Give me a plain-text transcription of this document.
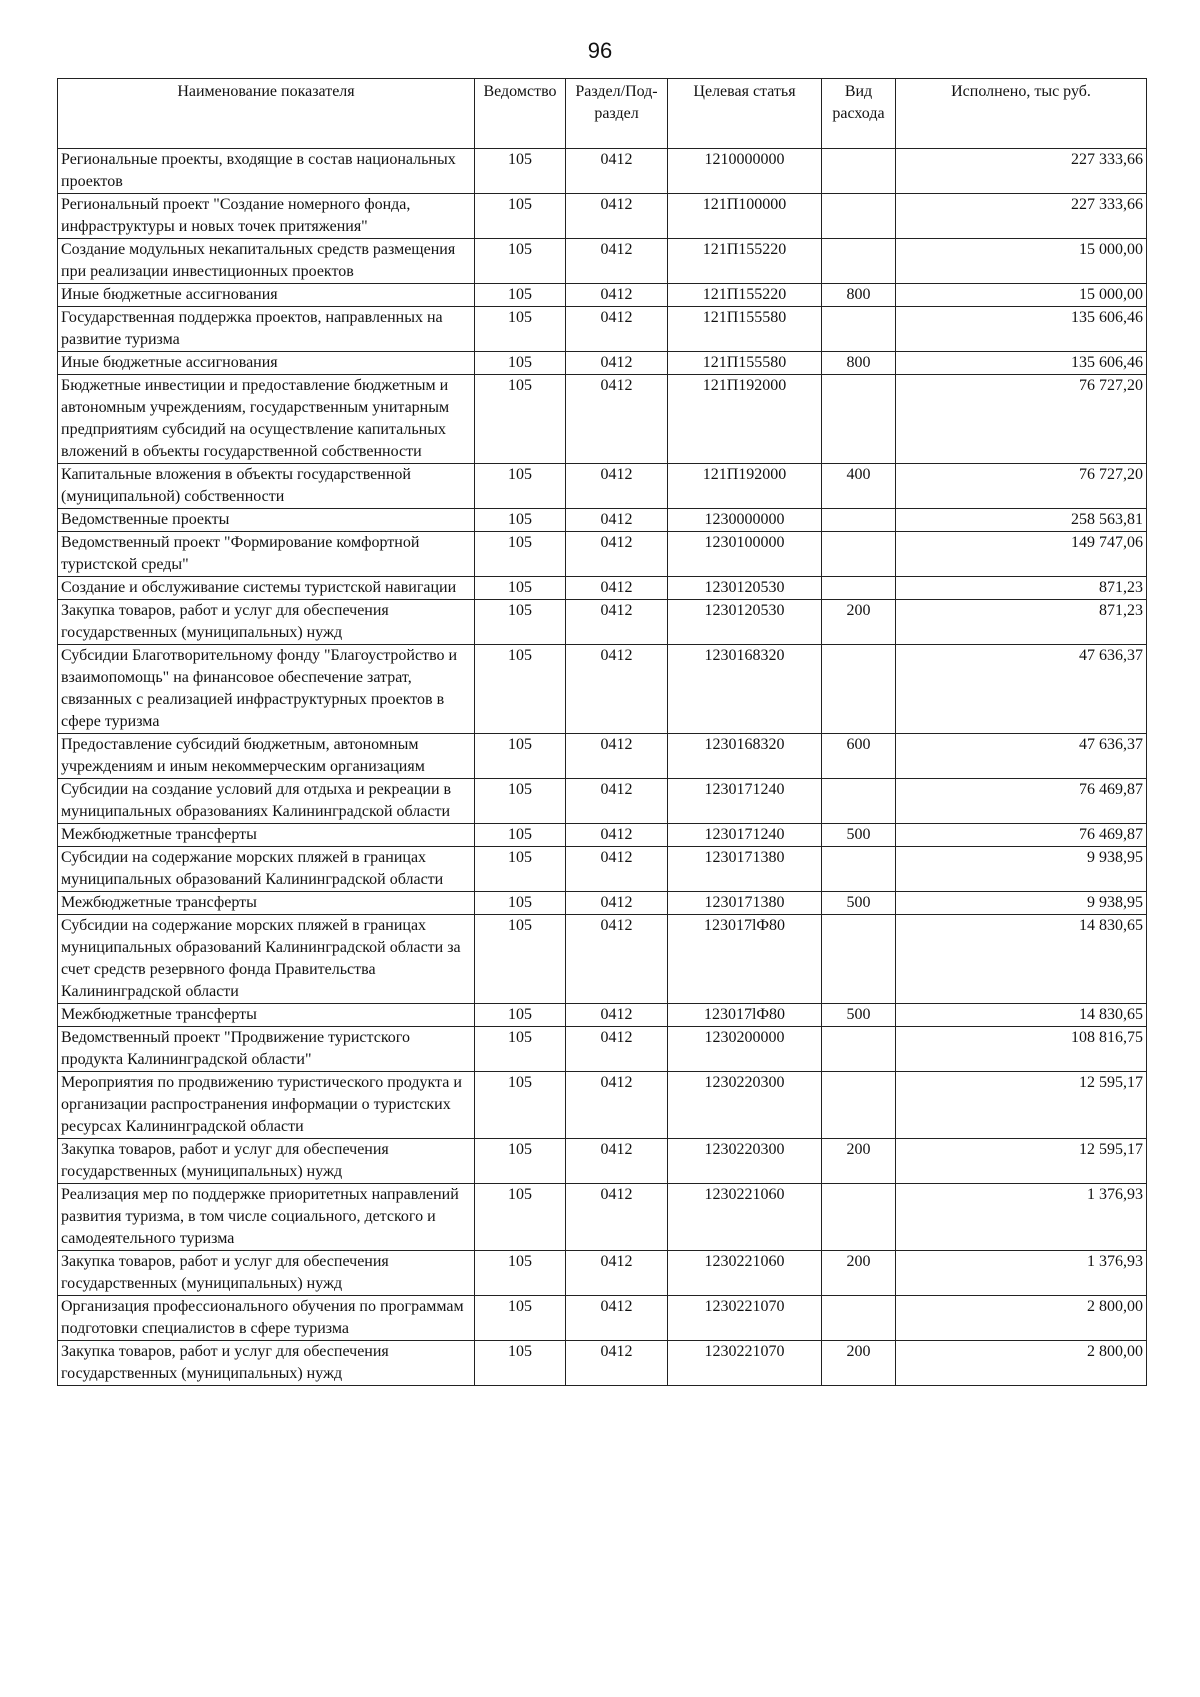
96
Наименование показателя	Ведомство	Раздел/Под-раздел	Целевая статья	Вид расхода	Исполнено, тыс руб.
Региональные проекты, входящие в состав национальных проектов	105	0412	1210000000		227 333,66
Региональный проект "Создание номерного фонда, инфраструктуры и новых точек притяжения"	105	0412	121П100000		227 333,66
Создание модульных некапитальных средств размещения при реализации инвестиционных проектов	105	0412	121П155220		15 000,00
Иные бюджетные ассигнования	105	0412	121П155220	800	15 000,00
Государственная поддержка проектов, направленных на развитие туризма	105	0412	121П155580		135 606,46
Иные бюджетные ассигнования	105	0412	121П155580	800	135 606,46
Бюджетные инвестиции и предоставление бюджетным и автономным учреждениям, государственным унитарным предприятиям субсидий на осуществление капитальных вложений в объекты государственной собственности	105	0412	121П192000		76 727,20
Капитальные вложения в объекты государственной (муниципальной) собственности	105	0412	121П192000	400	76 727,20
Ведомственные проекты	105	0412	1230000000		258 563,81
Ведомственный проект "Формирование комфортной туристской среды"	105	0412	1230100000		149 747,06
Создание и обслуживание системы туристской навигации	105	0412	1230120530		871,23
Закупка товаров, работ и услуг для обеспечения государственных (муниципальных) нужд	105	0412	1230120530	200	871,23
Субсидии Благотворительному фонду "Благоустройство и взаимопомощь" на финансовое обеспечение затрат, связанных с реализацией инфраструктурных проектов в сфере туризма	105	0412	1230168320		47 636,37
Предоставление субсидий бюджетным, автономным учреждениям и иным некоммерческим организациям	105	0412	1230168320	600	47 636,37
Субсидии на создание условий для отдыха и рекреации в муниципальных образованиях Калининградской области	105	0412	1230171240		76 469,87
Межбюджетные трансферты	105	0412	1230171240	500	76 469,87
Субсидии на содержание морских пляжей в границах муниципальных образований Калининградской области	105	0412	1230171380		9 938,95
Межбюджетные трансферты	105	0412	1230171380	500	9 938,95
Субсидии на содержание морских пляжей в границах муниципальных образований Калининградской области за счет средств резервного фонда Правительства Калининградской области	105	0412	123017lФ80		14 830,65
Межбюджетные трансферты	105	0412	123017lФ80	500	14 830,65
Ведомственный проект "Продвижение туристского продукта Калининградской области"	105	0412	1230200000		108 816,75
Мероприятия по продвижению туристического продукта и организации распространения информации о туристских ресурсах Калининградской области	105	0412	1230220300		12 595,17
Закупка товаров, работ и услуг для обеспечения государственных (муниципальных) нужд	105	0412	1230220300	200	12 595,17
Реализация мер по поддержке приоритетных направлений развития туризма, в том числе социального, детского и самодеятельного туризма	105	0412	1230221060		1 376,93
Закупка товаров, работ и услуг для обеспечения государственных (муниципальных) нужд	105	0412	1230221060	200	1 376,93
Организация профессионального обучения по программам подготовки специалистов в сфере туризма	105	0412	1230221070		2 800,00
Закупка товаров, работ и услуг для обеспечения государственных (муниципальных) нужд	105	0412	1230221070	200	2 800,00
